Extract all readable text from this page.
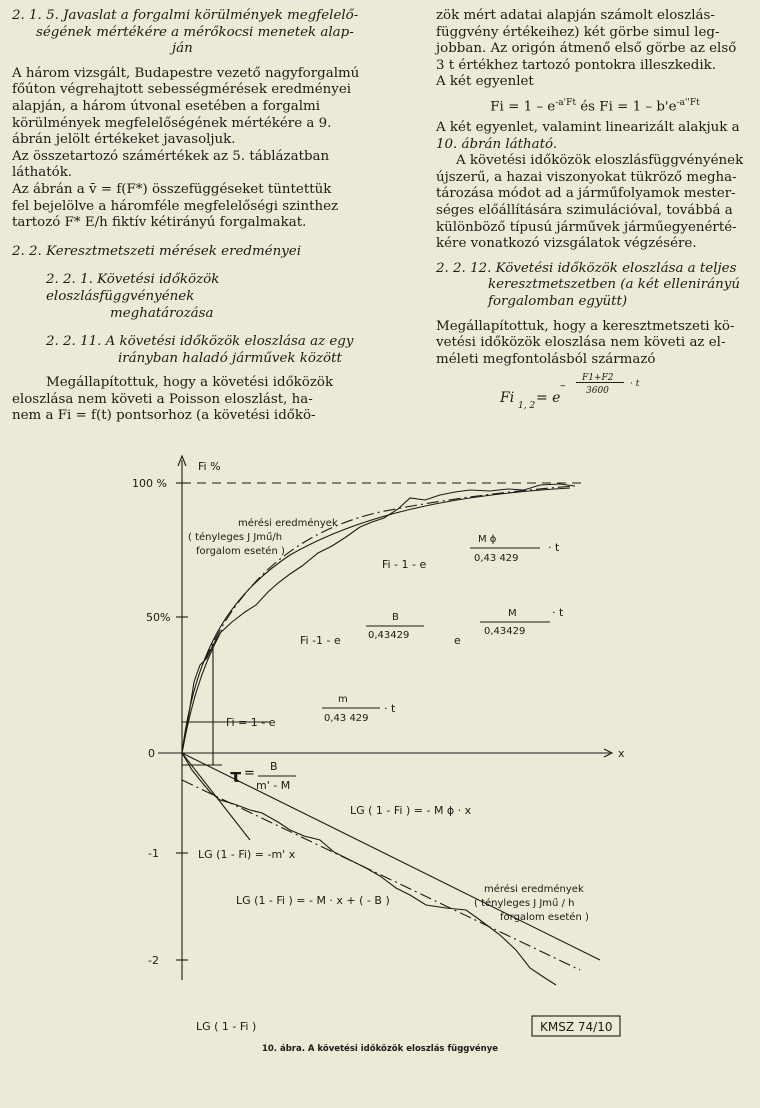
2. 1. 5. Javaslat a forgalmi körülmények megfelelő-
ségének mértékére a mérőkocsi menetek alap-
ján

A három vizsgált, Budapestre vezető nagyforgalmú
főúton végrehajtott sebességmérések eredményei
alapján, a három útvonal esetében a forgalmi
körülmények megfelelőségének mértékére a 9.
ábrán jelölt értékeket javasoljuk.

Az összetartozó számértékek az 5. táblázatban
láthatók.

Az ábrán a v̄ = f(F*) összefüggéseket tüntettük
fel bejelölve a háromféle megfelelőségi szinthez
tartozó F* E/h fiktív kétirányú forgalmakat.

2. 2. Keresztmetszeti mérések eredményei

2. 2. 1. Követési időközök eloszlásfüggvényének
meghatározása

2. 2. 11. A követési időközök eloszlása az egy
irányban haladó járművek között

Megállapítottuk, hogy a követési időközök
eloszlása nem követi a Poisson eloszlást, ha-
nem a Fi = f(t) pontsorhoz (a követési időkö-

zök mért adatai alapján számolt eloszlás-
függvény értékeihez) két görbe simul leg-
jobban. Az origón átmenő első görbe az első
3 t értékhez tartozó pontokra illeszkedik.
A két egyenlet

$Fi = 1 - e^{-a'Ft}$ és $Fi = 1 - b'e^{-a''Ft}$

A két egyenlet, valamint linearizált alakjuk a
10. ábrán látható.

A követési időközök eloszlásfüggvényének
újszerű, a hazai viszonyokat tükröző megha-
tározása módot ad a járműfolyamok mester-
séges előállítására szimulációval, továbbá a
különböző típusú járművek járműegyenérté-
kére vonatkozó vizsgálatok végzésére.

2. 2. 12. Követési időközök eloszlása a teljes
keresztmetszetben (a két ellenirányú
forgalomban együtt)

Megállapítottuk, hogy a keresztmetszeti kö-
vetési időközök eloszlása nem követi az el-
méleti megfontolásból származó

Fi 1, 2 = e
–
F1+F2
3600
· t
Fi %
100 %
50%
0
-1
-2
x
LG ( 1 - Fi )
mérési eredmények
( tényleges J Jmű/h
forgalom esetén )
Fi - 1 - e
M ϕ
0,43 429
· t
Fi -1 - e
B
0,43429	e
M
0,43429
· t
Fi = 1 - e
m
0,43 429
· t
τ = B
m' - M
LG ( 1 - Fi ) = - M ϕ · x
LG (1 - Fi) = -m' x
LG (1 - Fi ) = - M · x + ( - B )
mérési eredmények
( tényleges J Jmű / h
forgalom esetén )
KMSZ 74/10
10. ábra. A követési időközök eloszlás függvénye
